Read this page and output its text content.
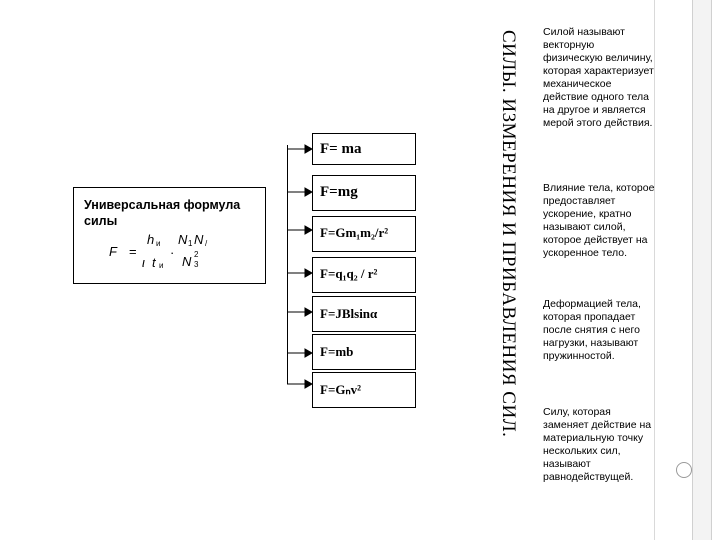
СИЛЫ. ИЗМЕРЕНИЯ И ПРИБАВЛЕНИЯ СИЛ. Силой называют векторную физическую величину, которая характеризует механическое действие одного тела на другое и является мерой этого действия.
Влияние тела, которое предоставляет ускорение, кратно называют силой, которое действует на ускоренное тело.
Деформацией тела, которая пропадает после снятия с него нагрузки, называют пружинностой.
Силу, которая заменяет действие на материальную точку нескольких сил, называют равнодействущей.
Универсальная формула силы
F =
h и
ι t и
·
N 1 N /
N 2
3
F= ma
F=mg
F=Gm₁m₂/r²
F=q₁q₂ / r²
F=JBlsinα
F=mb
F=Gₙv²
